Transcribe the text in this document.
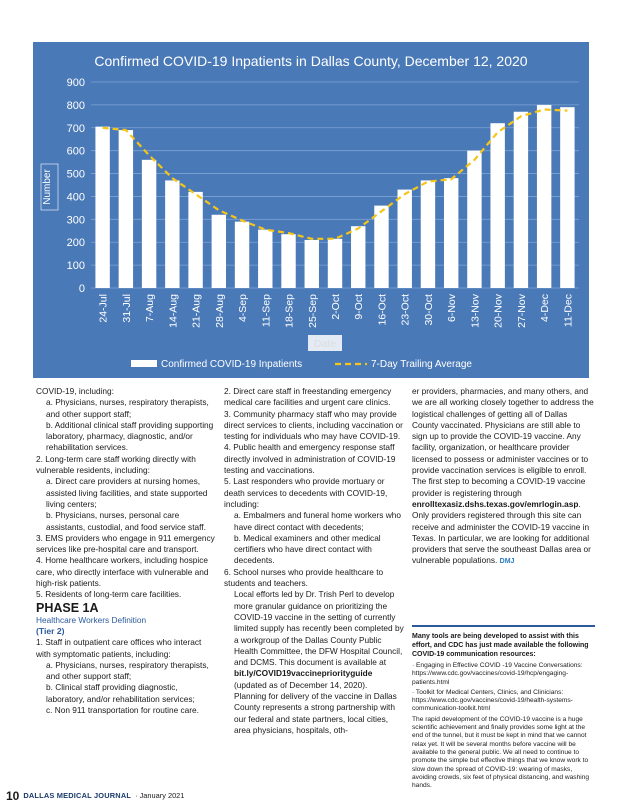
Confirmed COVID-19 Inpatients in Dallas County, December 12, 2020
0
100
200
300
400
500
600
700
800
900
24-Jul 31-Jul 7-Aug 14-Aug 21-Aug 28-Aug 4-Sep 11-Sep 18-Sep 25-Sep 2-Oct 9-Oct 16-Oct 23-Oct 30-Oct 6-Nov 13-Nov 20-Nov 27-Nov 4-Dec 11-Dec
Number
Confirmed COVID-19 Inpatients	7-Day Trailing Average

COVID-19, including:

a. Physicians, nurses, respiratory therapists, and other support staff;

b. Additional clinical staff providing supporting laboratory, pharmacy, diagnostic, and/or rehabilitation services.

2. Long-term care staff working directly with vulnerable residents, including:

a. Direct care providers at nursing homes, assisted living facilities, and state supported living centers;

b. Physicians, nurses, personal care assistants, custodial, and food service staff.

3. EMS providers who engage in 911 emergency services like pre-hospital care and transport.

4. Home healthcare workers, including hospice care, who directly interface with vulnerable and high-risk patients.

5. Residents of long-term care facilities.

PHASE 1A

Healthcare Workers Definition

(Tier 2)

1. Staff in outpatient care offices who interact with symptomatic patients, including:

a. Physicians, nurses, respiratory therapists, and other support staff;

b. Clinical staff providing diagnostic, laboratory, and/or rehabilitation services;

c. Non 911 transportation for routine care.

2. Direct care staff in freestanding emergency medical care facilities and urgent care clinics.

3. Community pharmacy staff who may provide direct services to clients, including vaccination or testing for individuals who may have COVID-19.

4. Public health and emergency response staff directly involved in administration of COVID-19 testing and vaccinations.

5. Last responders who provide mortuary or death services to decedents with COVID-19, including:

a. Embalmers and funeral home workers who have direct contact with decedents;

b. Medical examiners and other medical certifiers who have direct contact with decedents.

6. School nurses who provide healthcare to students and teachers.

Local efforts led by Dr. Trish Perl to develop more granular guidance on prioritizing the COVID-19 vaccine in the setting of currently limited supply has recently been completed by a workgroup of the Dallas County Public Health Committee, the DFW Hospital Council, and DCMS. This document is available at bit.ly/COVID19vaccinepriorityguide (updated as of December 14, 2020).

Planning for delivery of the vaccine in Dallas County represents a strong partnership with our federal and state partners, local cities, area physicians, hospitals, oth-

er providers, pharmacies, and many others, and we are all working closely together to address the logistical challenges of getting all of Dallas County vaccinated. Physicians are still able to sign up to provide the COVID-19 vaccine. Any facility, organization, or healthcare provider licensed to possess or administer vaccines or to provide vaccination services is eligible to enroll. The first step to becoming a COVID-19 vaccine provider is registering through enrolltexasiz.dshs.texas.gov/emrlogin.asp. Only providers registered through this site can receive and administer the COVID-19 vaccine in Texas. In particular, we are looking for additional providers that serve the southeast Dallas area or vulnerable populations. DMJ

Many tools are being developed to assist with this effort, and CDC has just made available the following COVID-19 communication resources:

· Engaging in Effective COVID -19 Vaccine Conversations: https://www.cdc.gov/vaccines/covid-19/hcp/engaging-patients.html

· Toolkit for Medical Centers, Clinics, and Clinicians: https://www.cdc.gov/vaccines/covid-19/health-systems-communication-toolkit.html

The rapid development of the COVID-19 vaccine is a huge scientific achievement and finally provides some light at the end of the tunnel, but it must be kept in mind that we cannot relax yet. It will be several months before vaccine will be available to the general public. We all need to continue to promote the simple but effective things that we know work to slow down the spread of COVID-19: wearing of masks, avoiding crowds, six feet of physical distancing, and washing hands.

10 DALLAS MEDICAL JOURNAL · January 2021
